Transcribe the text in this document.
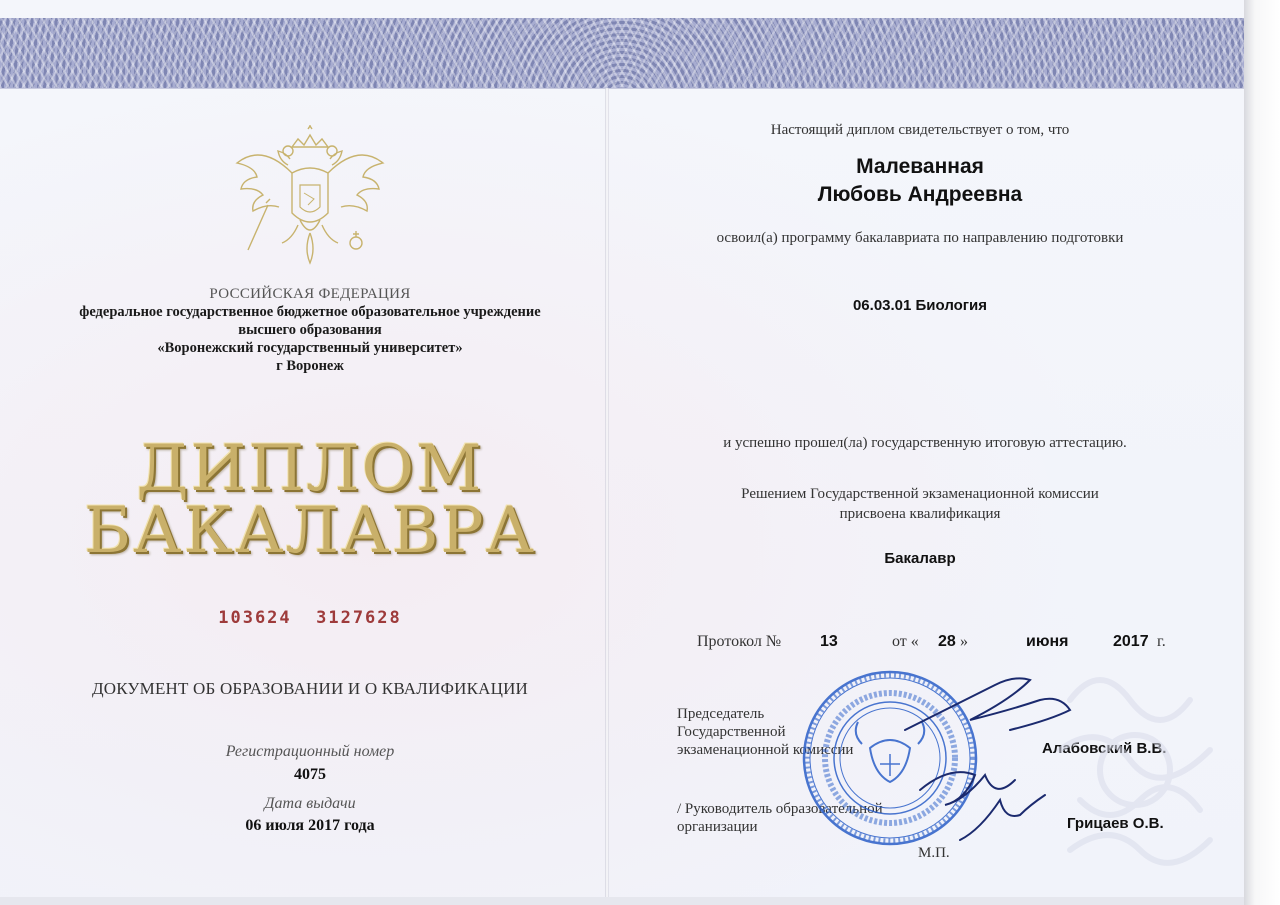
РОССИЙСКАЯ ФЕДЕРАЦИЯ
федеральное государственное бюджетное образовательное учреждение
высшего образования
«Воронежский государственный университет»
г Воронеж
ДИПЛОМ
БАКАЛАВРА
103624  3127628
ДОКУМЕНТ ОБ ОБРАЗОВАНИИ И О КВАЛИФИКАЦИИ
Регистрационный номер
4075
Дата выдачи
06 июля 2017 года
Настоящий диплом свидетельствует о том, что
Малеванная
Любовь Андреевна
освоил(а) программу бакалавриата по направлению подготовки
06.03.01 Биология
и успешно прошел(ла) государственную итоговую аттестацию.
Решением Государственной экзаменационной комиссии
присвоена квалификация
Бакалавр
Протокол № 13	от « 28 »	июня	2017 г.
Председатель
Государственной
экзаменационной комиссии	Алабовский В.В.
/ Руководитель образовательной
организации	Грицаев О.В.
М.П.
